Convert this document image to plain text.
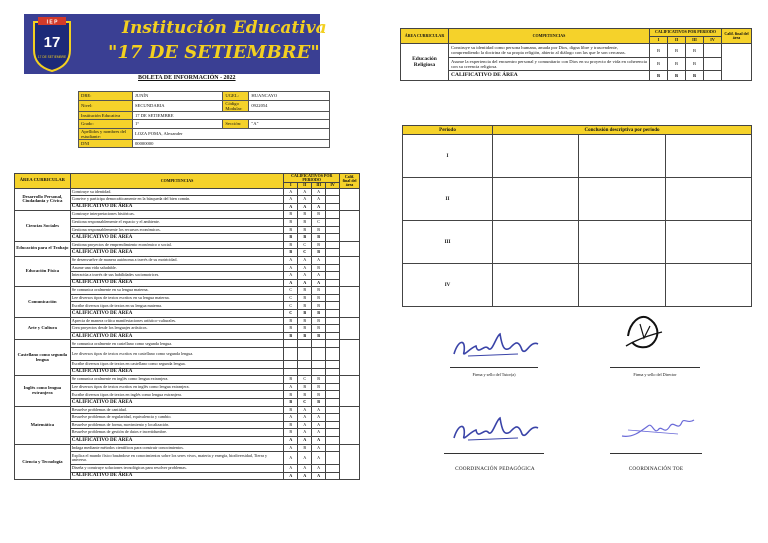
I E P
17
17 DE SETIEMBRE
Institución Educativa
"17 DE SETIEMBRE"
BOLETA DE INFORMACIÓN - 2022
DRE:	JUNÍN	UGEL:	HUANCAYO
Nivel:	SECUNDARIA	Código Modular:	0922054
Institución Educativa	17 DE SETIEMBRE		
Grado:	1°	Sección:	"A"
Apellidos y nombres del estudiante:	LOZA POMA, Alexander		
DNI	00000000		
ÁREA CURRICULAR	COMPETENCIAS	CALIFICATIVOS POR PERIODO				Calif. final del área
		I	II	III	IV	
Desarrollo Personal, Ciudadanía y Cívica	Construye su identidad.	A	A	A		
	Convive y participa democráticamente en la búsqueda del bien común.	A	A	A		
	CALIFICATIVO DE ÁREA	A	A	A		
Ciencias Sociales	Construye interpretaciones históricas.	B	B	B		
	Gestiona responsablemente el espacio y el ambiente.	B	B	C		
	Gestiona responsablemente los recursos económicos.	B	B	B		
	CALIFICATIVO DE ÁREA	B	B	B		
Educación para el Trabajo	Gestiona proyectos de emprendimiento económico o social.	B	C	B		
	CALIFICATIVO DE ÁREA	B	C	B		
Educación Física	Se desenvuelve de manera autónoma a través de su motricidad.	A	A	A		
	Asume una vida saludable.	A	A	B		
	Interactúa a través de sus habilidades sociomotrices.	A	A	A		
	CALIFICATIVO DE ÁREA	A	A	A		
Comunicación	Se comunica oralmente en su lengua materna.	C	B	B		
	Lee diversos tipos de textos escritos en su lengua materna.	C	B	B		
	Escribe diversos tipos de textos en su lengua materna.	C	B	B		
	CALIFICATIVO DE ÁREA	C	B	B		
Arte y Cultura	Aprecia de manera crítica manifestaciones artístico-culturales.	B	B	B		
	Crea proyectos desde los lenguajes artísticos.	B	B	B		
	CALIFICATIVO DE ÁREA	B	B	B		
Castellano como segunda lengua	Se comunica oralmente en castellano como segunda lengua.					
	Lee diversos tipos de textos escritos en castellano como segunda lengua.					
	Escribe diversos tipos de textos en castellano como segunda lengua.					
	CALIFICATIVO DE ÁREA					
Inglés como lengua extranjera	Se comunica oralmente en inglés como lengua extranjera.	B	C	B		
	Lee diversos tipos de textos escritos en inglés como lengua extranjera.	A	B	B		
	Escribe diversos tipos de textos en inglés como lengua extranjera.	B	B	B		
	CALIFICATIVO DE ÁREA	B	C	B		
Matemática	Resuelve problemas de cantidad.	B	A	A		
	Resuelve problemas de regularidad, equivalencia y cambio.	A	A	A		
	Resuelve problemas de forma, movimiento y localización.	B	A	A		
	Resuelve problemas de gestión de datos e incertidumbre.	B	A	A		
	CALIFICATIVO DE ÁREA	A	A	A		
Ciencia y Tecnología	Indaga mediante métodos científicos para construir conocimientos.	A	B	A		
	Explica el mundo físico basándose en conocimientos sobre los seres vivos, materia y energía, biodiversidad, Tierra y universo.	A	A	A		
	Diseña y construye soluciones tecnológicas para resolver problemas.	A	A	A		
	CALIFICATIVO DE ÁREA	A	A	A		
ÁREA CURRICULAR	COMPETENCIAS	CALIFICATIVOS POR PERIODO				Calif. final del área
		I	II	III	IV	
Educación Religiosa	Construye su identidad como persona humana, amada por Dios, digna libre y trascendente, comprendiendo la doctrina de su propia religión, abierto al diálogo con las que le son cercanas.	B	B	B		
	Asume la experiencia del encuentro personal y comunitario con Dios en su proyecto de vida en coherencia con su creencia religiosa.	B	B	B		
	CALIFICATIVO DE ÁREA	B	B	B		
Periodo	Conclusión descriptiva por periodo		
I			
II			
III			
IV			
Firma y sello del Tutor(a)	Firma y sello del Director
COORDINACIÓN PEDAGÓGICA	COORDINACIÓN TOE
